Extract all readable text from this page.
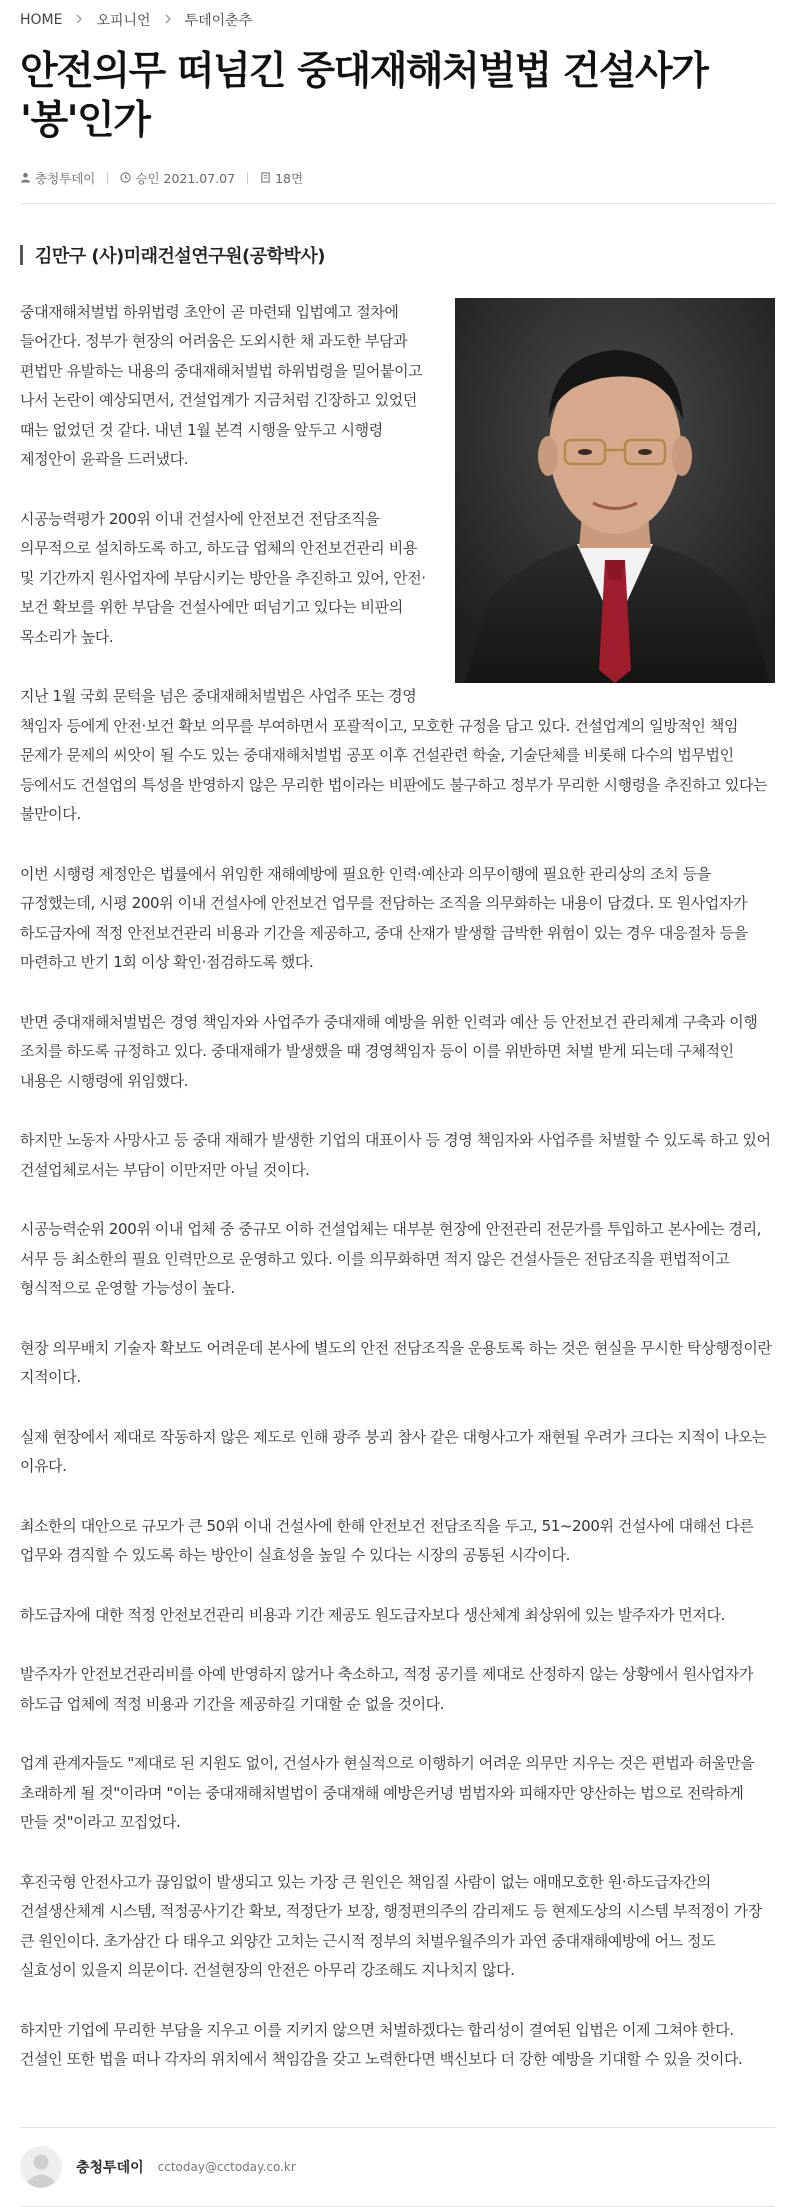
HOME 오피니언 투데이춘추
안전의무 떠넘긴 중대재해처벌법 건설사가 '봉'인가
충청투데이	승인 2021.07.07	18면
김만구 (사)미래건설연구원(공학박사)

중대재해처벌법 하위법령 초안이 곧 마련돼 입법예고 절차에 들어간다. 정부가 현장의 어려움은 도외시한 채 과도한 부담과 편법만 유발하는 내용의 중대재해처벌법 하위법령을 밀어붙이고 나서 논란이 예상되면서, 건설업계가 지금처럼 긴장하고 있었던 때는 없었던 것 같다. 내년 1월 본격 시행을 앞두고 시행령 제정안이 윤곽을 드러냈다.

시공능력평가 200위 이내 건설사에 안전보건 전담조직을 의무적으로 설치하도록 하고, 하도급 업체의 안전보건관리 비용 및 기간까지 원사업자에 부담시키는 방안을 추진하고 있어, 안전·보건 확보를 위한 부담을 건설사에만 떠넘기고 있다는 비판의 목소리가 높다.

지난 1월 국회 문턱을 넘은 중대재해처벌법은 사업주 또는 경영 책임자 등에게 안전·보건 확보 의무를 부여하면서 포괄적이고, 모호한 규정을 담고 있다. 건설업계의 일방적인 책임 문제가 문제의 씨앗이 될 수도 있는 중대재해처벌법 공포 이후 건설관련 학술, 기술단체를 비롯해 다수의 법무법인 등에서도 건설업의 특성을 반영하지 않은 무리한 법이라는 비판에도 불구하고 정부가 무리한 시행령을 추진하고 있다는 불만이다.

이번 시행령 제정안은 법률에서 위임한 재해예방에 필요한 인력·예산과 의무이행에 필요한 관리상의 조치 등을 규정했는데, 시평 200위 이내 건설사에 안전보건 업무를 전담하는 조직을 의무화하는 내용이 담겼다. 또 원사업자가 하도급자에 적정 안전보건관리 비용과 기간을 제공하고, 중대 산재가 발생할 급박한 위험이 있는 경우 대응절차 등을 마련하고 반기 1회 이상 확인·점검하도록 했다.

반면 중대재해처벌법은 경영 책임자와 사업주가 중대재해 예방을 위한 인력과 예산 등 안전보건 관리체계 구축과 이행 조치를 하도록 규정하고 있다. 중대재해가 발생했을 때 경영책임자 등이 이를 위반하면 처벌 받게 되는데 구체적인 내용은 시행령에 위임했다.

하지만 노동자 사망사고 등 중대 재해가 발생한 기업의 대표이사 등 경영 책임자와 사업주를 처벌할 수 있도록 하고 있어 건설업체로서는 부담이 이만저만 아닐 것이다.

시공능력순위 200위 이내 업체 중 중규모 이하 건설업체는 대부분 현장에 안전관리 전문가를 투입하고 본사에는 경리, 서무 등 최소한의 필요 인력만으로 운영하고 있다. 이를 의무화하면 적지 않은 건설사들은 전담조직을 편법적이고 형식적으로 운영할 가능성이 높다.

현장 의무배치 기술자 확보도 어려운데 본사에 별도의 안전 전담조직을 운용토록 하는 것은 현실을 무시한 탁상행정이란 지적이다.

실제 현장에서 제대로 작동하지 않은 제도로 인해 광주 붕괴 참사 같은 대형사고가 재현될 우려가 크다는 지적이 나오는 이유다.

최소한의 대안으로 규모가 큰 50위 이내 건설사에 한해 안전보건 전담조직을 두고, 51~200위 건설사에 대해선 다른 업무와 겸직할 수 있도록 하는 방안이 실효성을 높일 수 있다는 시장의 공통된 시각이다.

하도급자에 대한 적정 안전보건관리 비용과 기간 제공도 원도급자보다 생산체계 최상위에 있는 발주자가 먼저다.

발주자가 안전보건관리비를 아예 반영하지 않거나 축소하고, 적정 공기를 제대로 산정하지 않는 상황에서 원사업자가 하도급 업체에 적정 비용과 기간을 제공하길 기대할 순 없을 것이다.

업계 관계자들도 "제대로 된 지원도 없이, 건설사가 현실적으로 이행하기 어려운 의무만 지우는 것은 편법과 허울만을 초래하게 될 것"이라며 "이는 중대재해처벌법이 중대재해 예방은커녕 범법자와 피해자만 양산하는 법으로 전락하게 만들 것"이라고 꼬집었다.

후진국형 안전사고가 끊임없이 발생되고 있는 가장 큰 원인은 책임질 사람이 없는 애매모호한 원·하도급자간의 건설생산체계 시스템, 적정공사기간 확보, 적정단가 보장, 행정편의주의 감리제도 등 현제도상의 시스템 부적정이 가장 큰 원인이다. 초가삼간 다 태우고 외양간 고치는 근시적 정부의 처벌우월주의가 과연 중대재해예방에 어느 정도 실효성이 있을지 의문이다. 건설현장의 안전은 아무리 강조해도 지나치지 않다.

하지만 기업에 무리한 부담을 지우고 이를 지키지 않으면 처벌하겠다는 합리성이 결여된 입법은 이제 그쳐야 한다. 건설인 또한 법을 떠나 각자의 위치에서 책임감을 갖고 노력한다면 백신보다 더 강한 예방을 기대할 수 있을 것이다.

충청투데이 cctoday@cctoday.co.kr
